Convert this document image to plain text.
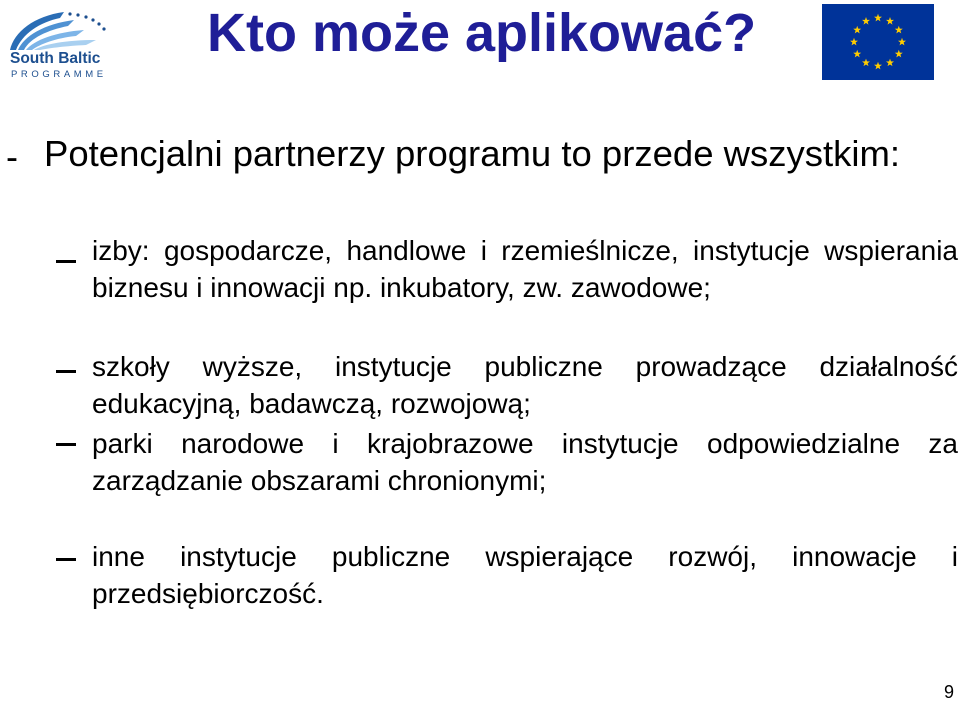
South Baltic
PROGRAMME
Kto może aplikować?
- Potencjalni partnerzy programu to przede wszystkim:
izby: gospodarcze, handlowe i rzemieślnicze, instytucje wspierania biznesu i innowacji np. inkubatory, zw. zawodowe;
szkoły wyższe, instytucje publiczne prowadzące działalność edukacyjną, badawczą, rozwojową;
parki narodowe i krajobrazowe instytucje odpowiedzialne za zarządzanie obszarami chronionymi;
inne instytucje publiczne wspierające rozwój, innowacje i przedsiębiorczość.
9
